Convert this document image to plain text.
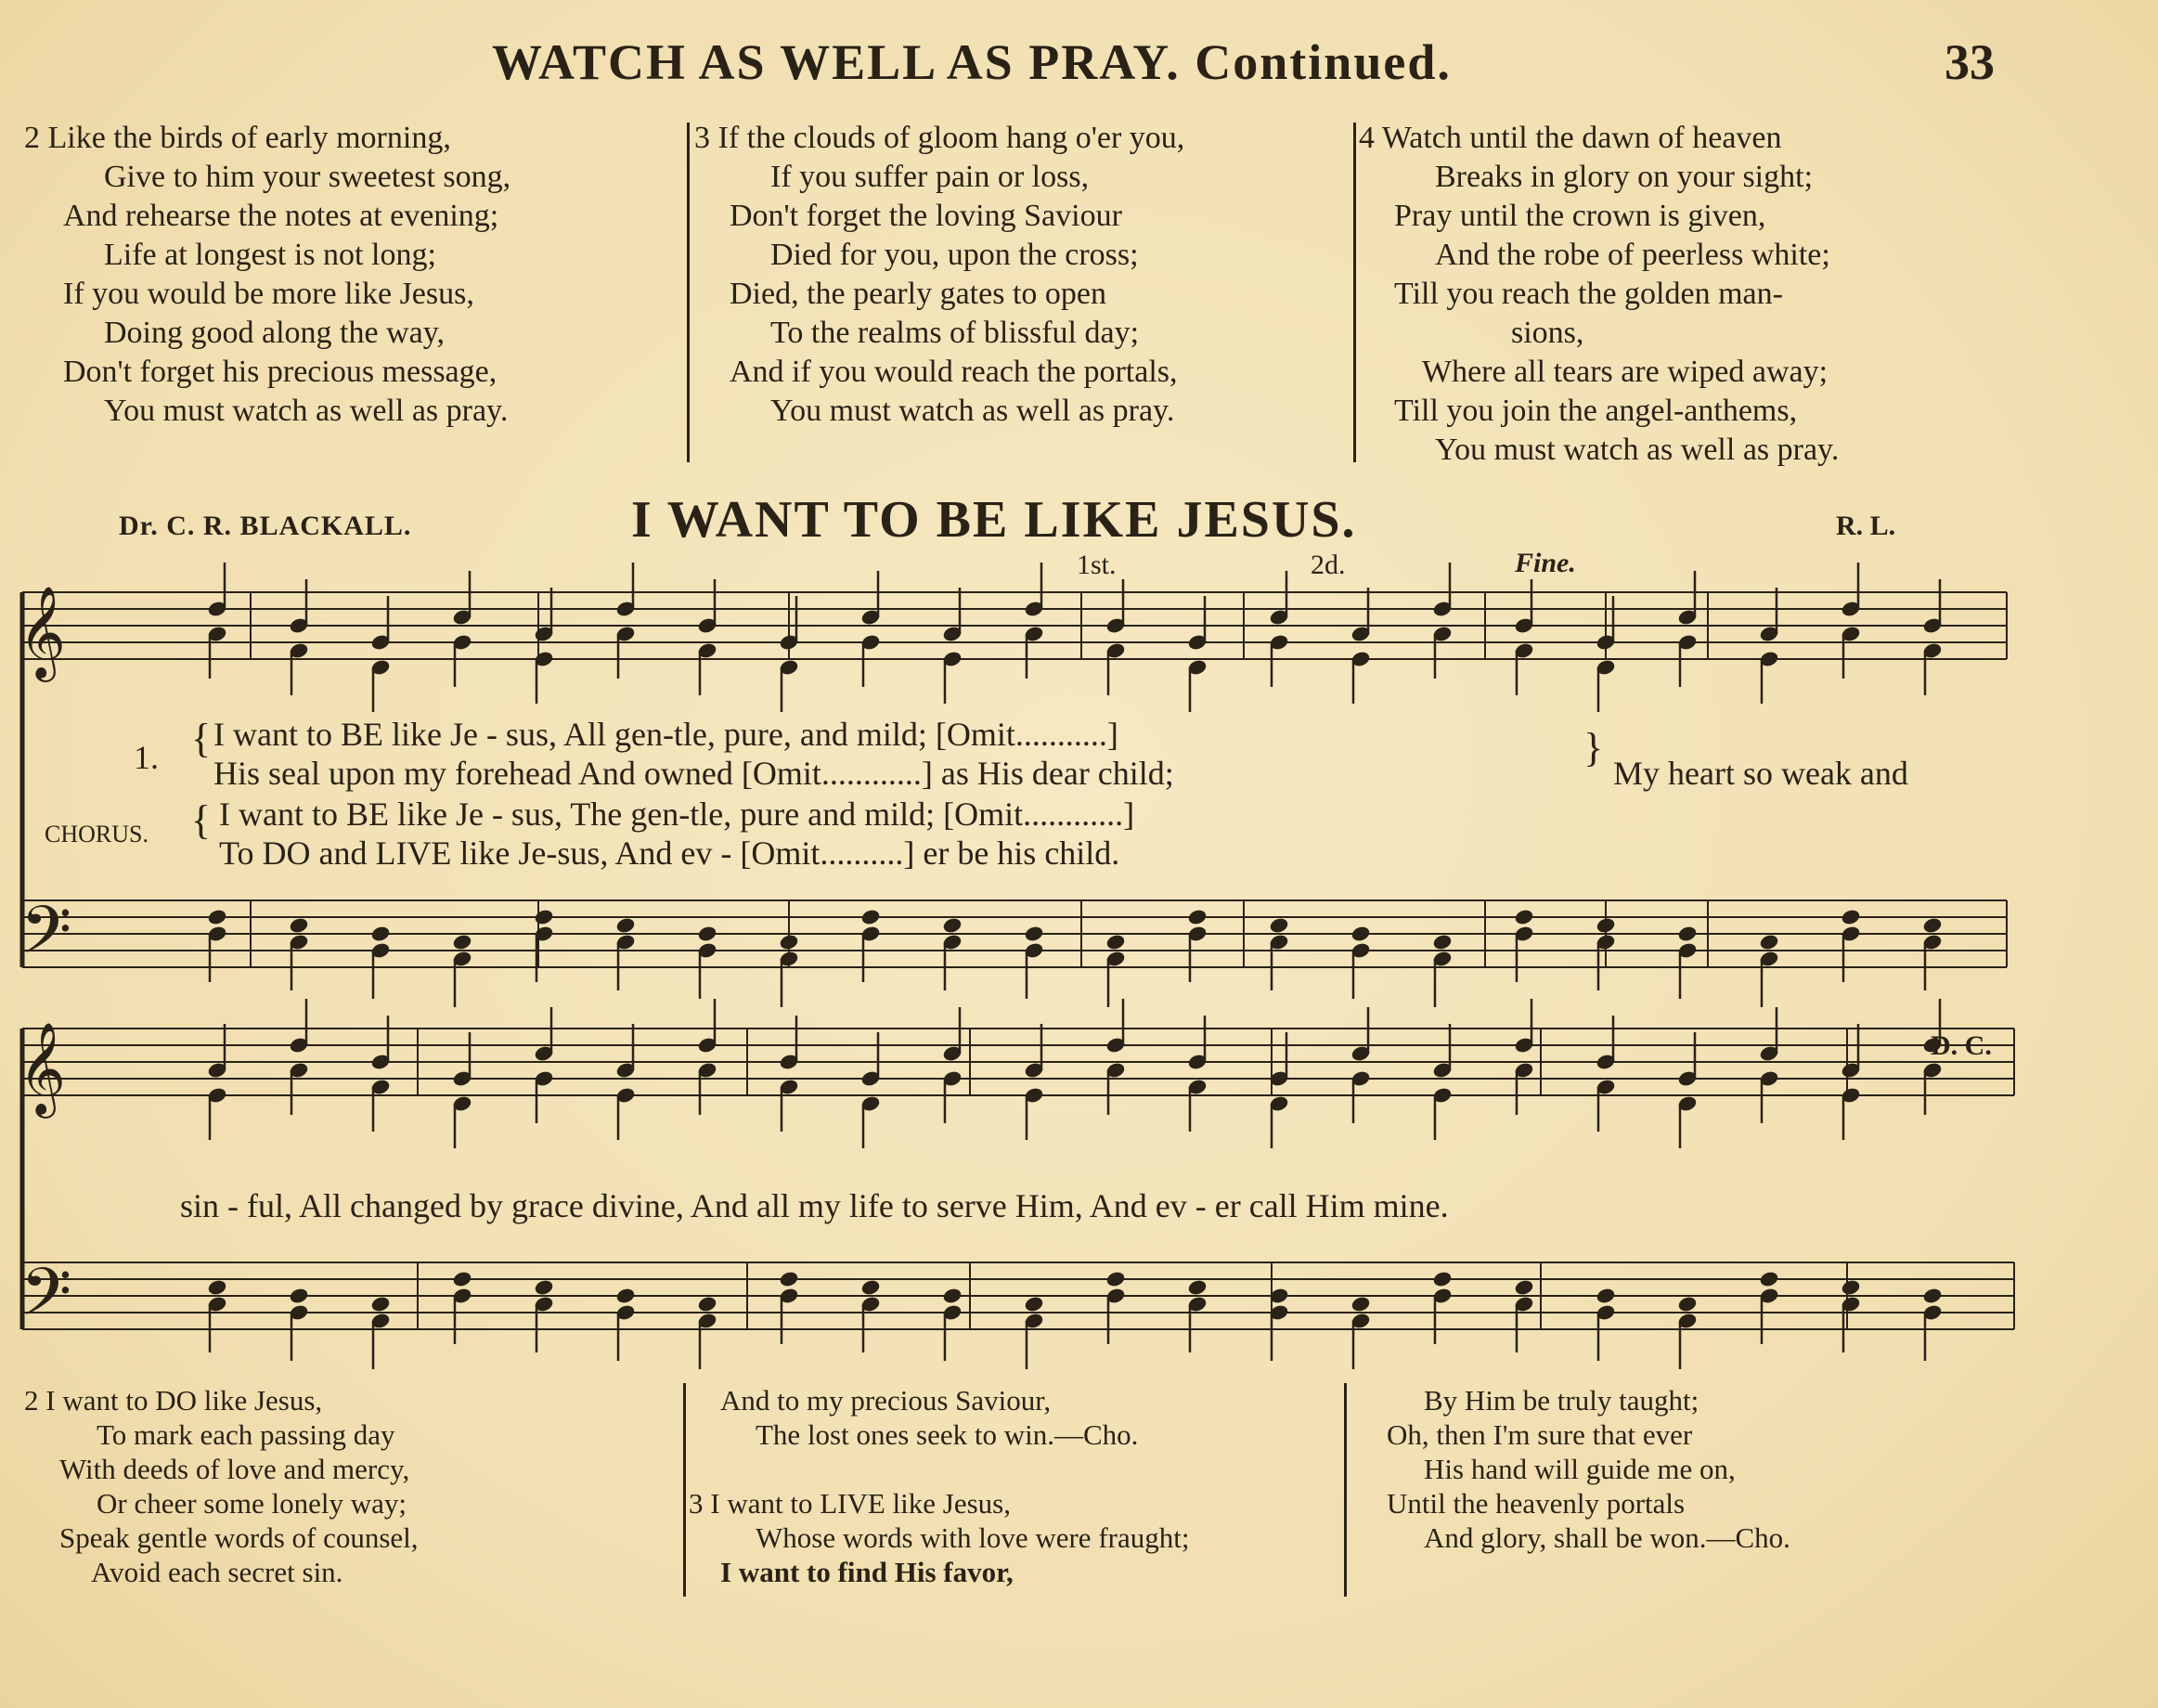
WATCH AS WELL AS PRAY. Continued.	33
2 Like the birds of early morning,
Give to him your sweetest song,
And rehearse the notes at evening;
Life at longest is not long;
If you would be more like Jesus,
Doing good along the way,
Don't forget his precious message,
You must watch as well as pray.
3 If the clouds of gloom hang o'er you,
If you suffer pain or loss,
Don't forget the loving Saviour
Died for you, upon the cross;
Died, the pearly gates to open
To the realms of blissful day;
And if you would reach the portals,
You must watch as well as pray.
4 Watch until the dawn of heaven
Breaks in glory on your sight;
Pray until the crown is given,
And the robe of peerless white;
Till you reach the golden man-
sions,
Where all tears are wiped away;
Till you join the angel-anthems,
You must watch as well as pray.
Dr. C. R. BLACKALL.	I WANT TO BE LIKE JESUS.	R. L.
𝄞
𝄢
𝄞
𝄢
1st.	2d.	Fine.
D. C.
1. { I want to BE like Je - sus, All gen-tle, pure, and mild; [Omit...........]
His seal upon my forehead And owned [Omit............] as His dear child;
}
My heart so weak and
CHORUS. { I want to BE like Je - sus, The gen-tle, pure and mild; [Omit............]
To DO and LIVE like Je-sus, And ev - [Omit..........] er be his child.
sin - ful, All changed by grace divine, And all my life to serve Him, And ev - er call Him mine.
2 I want to DO like Jesus,
To mark each passing day
With deeds of love and mercy,
Or cheer some lonely way;
Speak gentle words of counsel,
Avoid each secret sin.
And to my precious Saviour,
The lost ones seek to win.—Cho.

3 I want to LIVE like Jesus,
Whose words with love were fraught;
I want to find His favor,
By Him be truly taught;
Oh, then I'm sure that ever
His hand will guide me on,
Until the heavenly portals
And glory, shall be won.—Cho.
